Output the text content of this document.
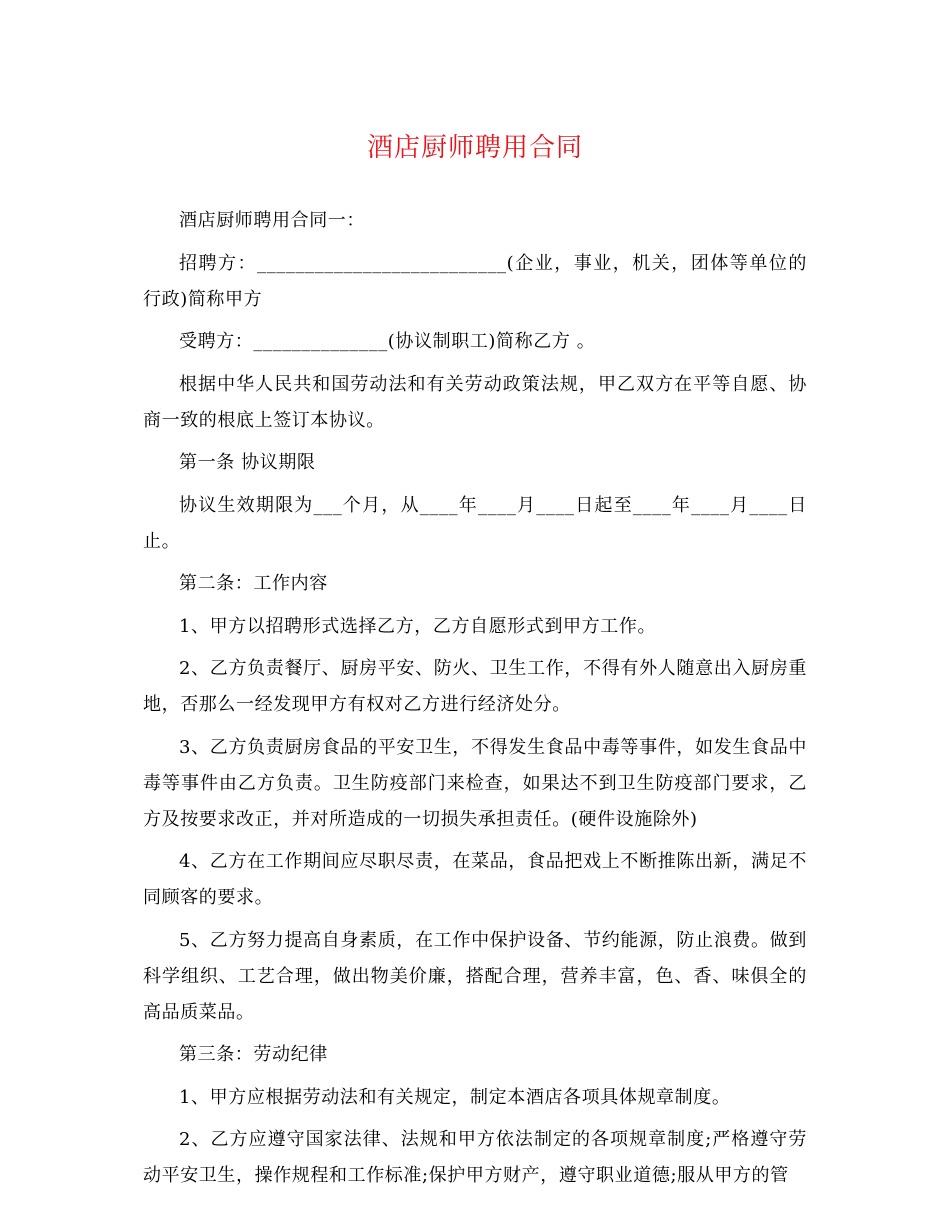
酒店厨师聘用合同

酒店厨师聘用合同一：

招聘方：__________________________(企业，事业，机关，团体等单位的行政)简称甲方

受聘方：______________(协议制职工)简称乙方 。

根据中华人民共和国劳动法和有关劳动政策法规，甲乙双方在平等自愿、协商一致的根底上签订本协议。

第一条 协议期限

协议生效期限为___个月，从____年____月____日起至____年____月____日止。

第二条：工作内容

1、甲方以招聘形式选择乙方，乙方自愿形式到甲方工作。

2、乙方负责餐厅、厨房平安、防火、卫生工作，不得有外人随意出入厨房重地，否那么一经发现甲方有权对乙方进行经济处分。

3、乙方负责厨房食品的平安卫生，不得发生食品中毒等事件，如发生食品中毒等事件由乙方负责。卫生防疫部门来检查，如果达不到卫生防疫部门要求，乙方及按要求改正，并对所造成的一切损失承担责任。(硬件设施除外)

4、乙方在工作期间应尽职尽责，在菜品，食品把戏上不断推陈出新，满足不同顾客的要求。

5、乙方努力提高自身素质，在工作中保护设备、节约能源，防止浪费。做到科学组织、工艺合理，做出物美价廉，搭配合理，营养丰富，色、香、味俱全的高品质菜品。

第三条：劳动纪律

1、甲方应根据劳动法和有关规定，制定本酒店各项具体规章制度。

2、乙方应遵守国家法律、法规和甲方依法制定的各项规章制度;严格遵守劳动平安卫生，操作规程和工作标准;保护甲方财产，遵守职业道德;服从甲方的管
